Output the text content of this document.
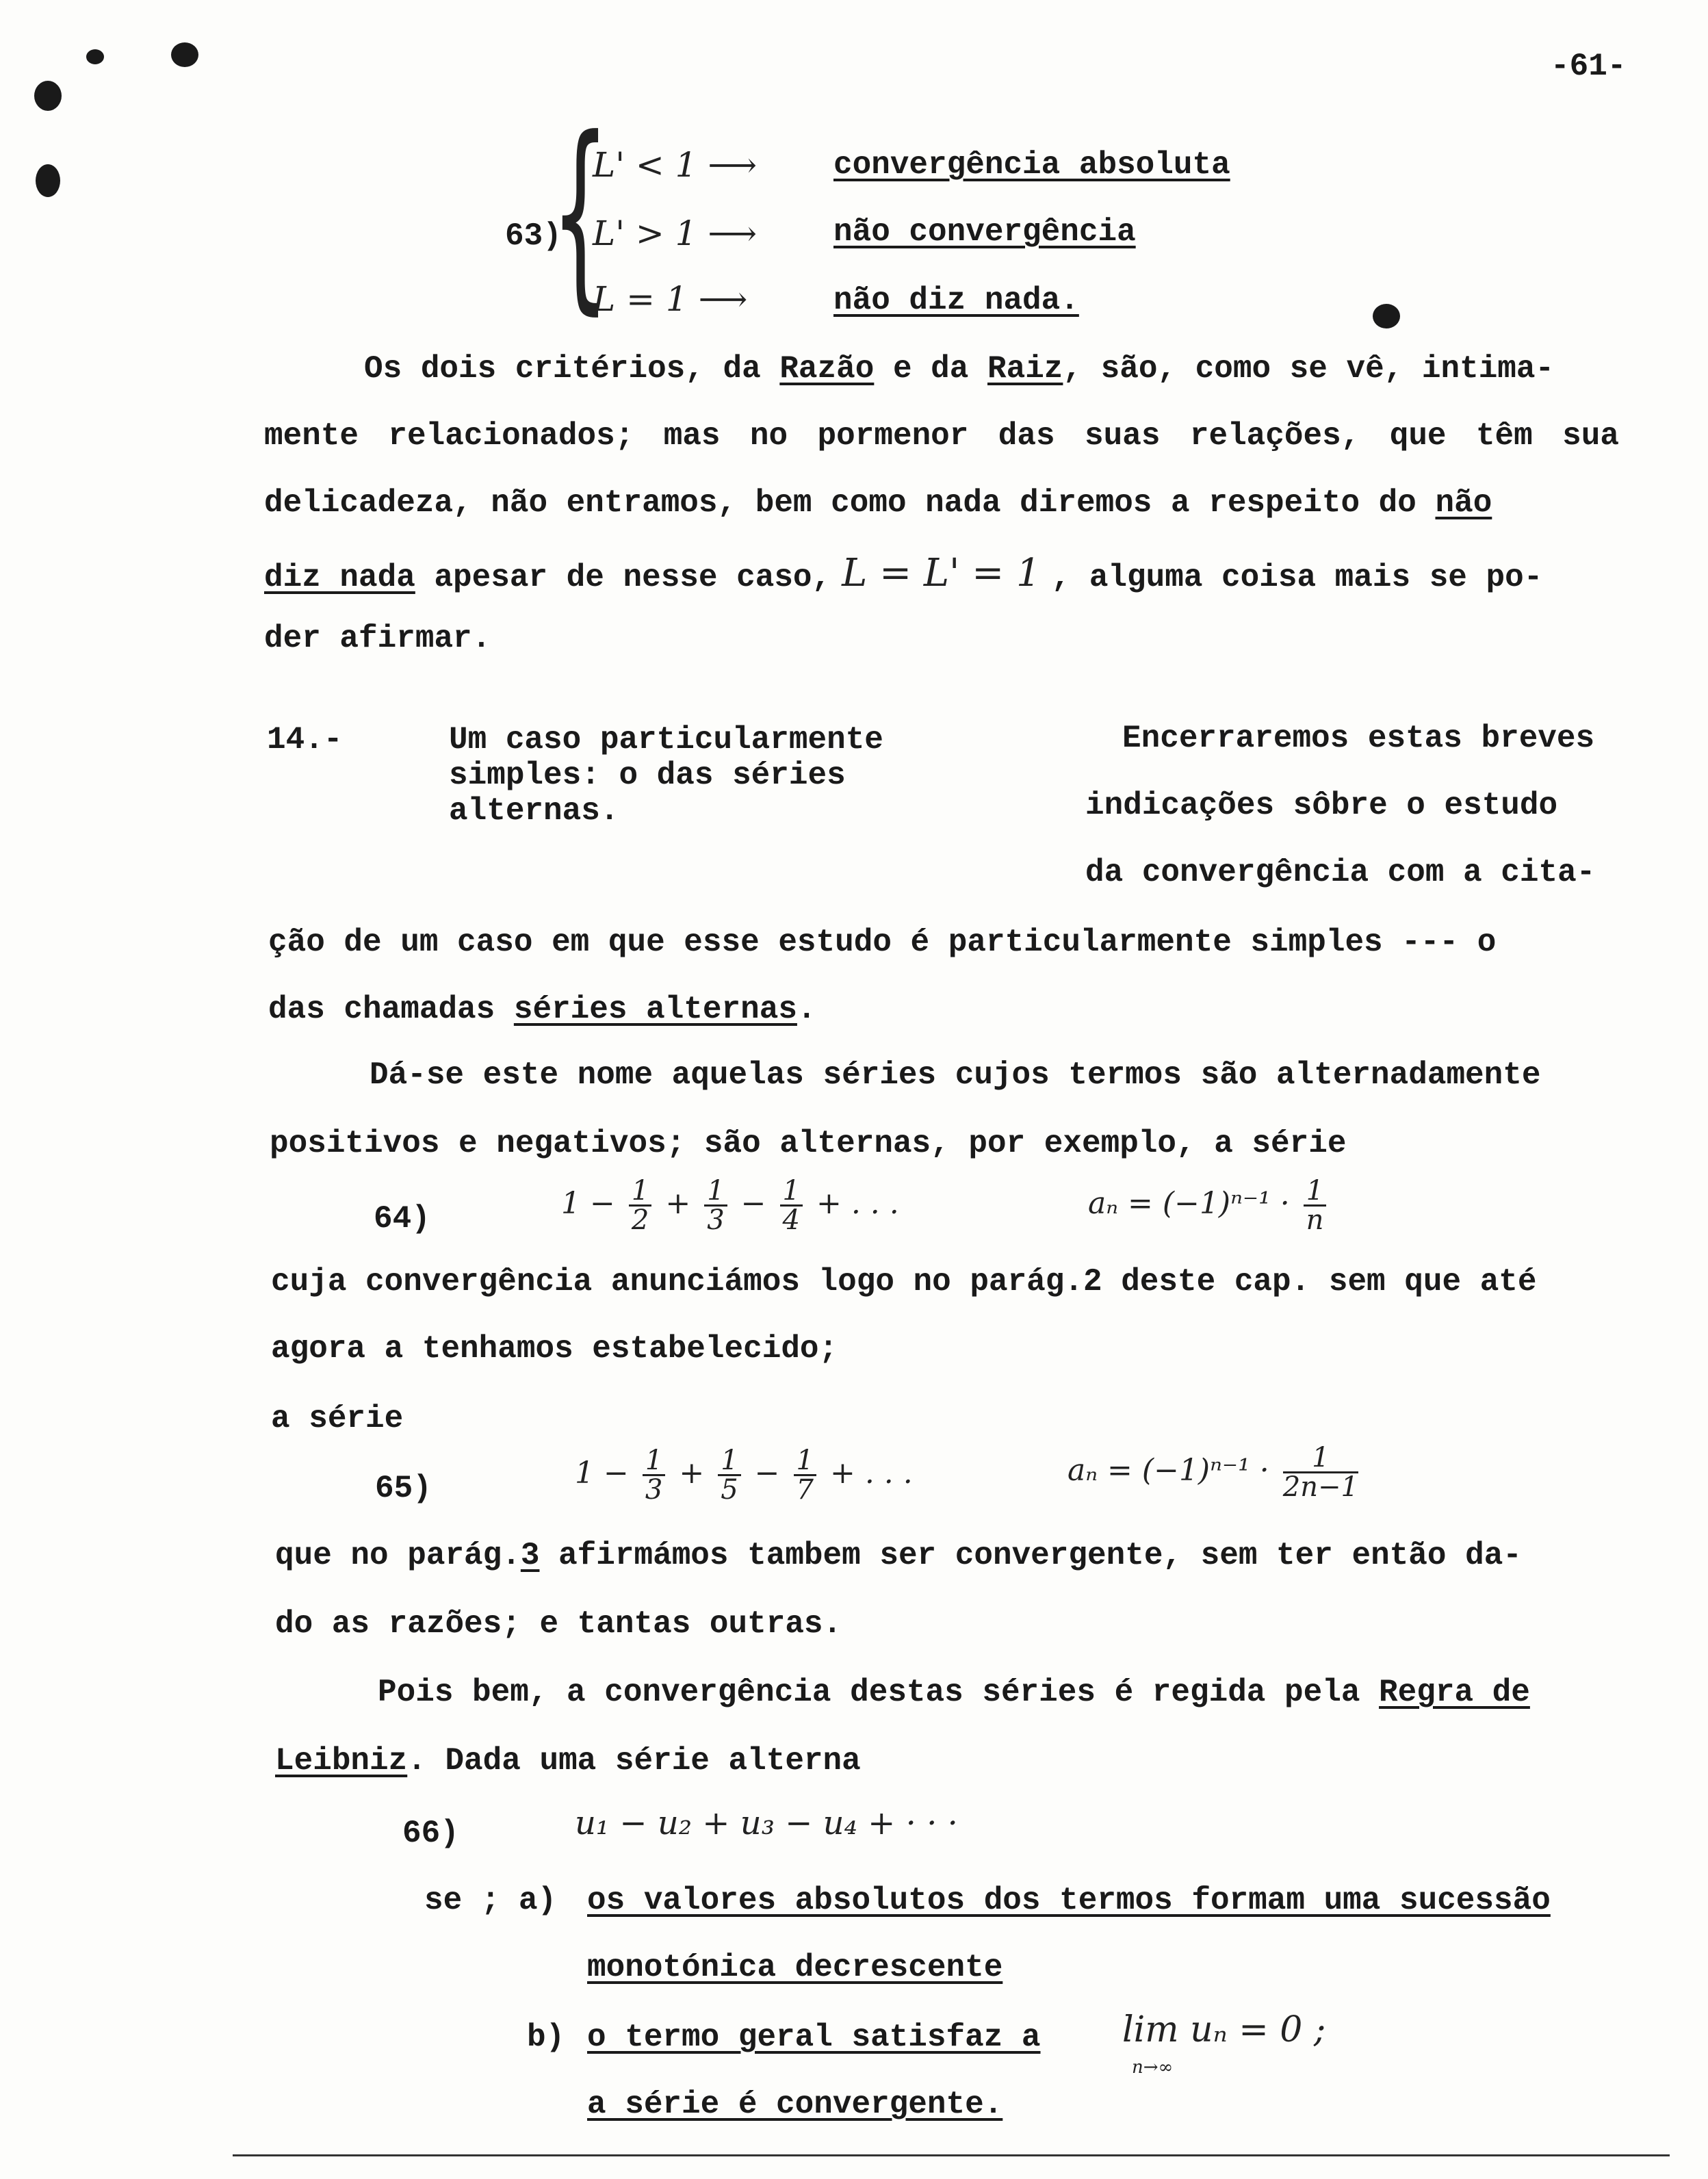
-61-
{
63)
L' < 1 ⟶ convergência absoluta
L' > 1 ⟶ não convergência
L = 1 ⟶	não diz nada.
Os dois critérios, da Razão e da Raiz, são, como se vê, intima-
mente relacionados; mas no pormenor das suas relações, que têm sua
delicadeza, não entramos, bem como nada diremos a respeito do não
diz nada apesar de nesse caso, L = L' = 1 , alguma coisa mais se po-
der afirmar.
14.-	Um caso particularmente
simples: o das séries
alternas.
Encerraremos estas breves
indicações sôbre o estudo
da convergência com a cita-
ção de um caso em que esse estudo é particularmente simples --- o
das chamadas séries alternas.
Dá-se este nome aquelas séries cujos termos são alternadamente
positivos e negativos; são alternas, por exemplo, a série
64)	$1 - \frac{1}{2} + \frac{1}{3} - \frac{1}{4}$ + . . .	$a_n = (-1)^{n-1} \cdot \frac{1}{n}$
cuja convergência anunciámos logo no parág.2 deste cap. sem que até
agora a tenhamos estabelecido;
a série
65)	$1 - \frac{1}{3} + \frac{1}{5} - \frac{1}{7}$ + . . .	$a_n = (-1)^{n-1} \cdot \frac{1}{2n-1}$
que no parág.3 afirmámos tambem ser convergente, sem ter então da-
do as razões; e tantas outras.
Pois bem, a convergência destas séries é regida pela Regra de
Leibniz. Dada uma série alterna
66)	u₁ − u₂ + u₃ − u₄ + · · ·
se ; a) os valores absolutos dos termos formam uma sucessão
monotónica decrescente
b) o termo geral satisfaz a lim uₙ = 0 ;
n→∞
a série é convergente.
